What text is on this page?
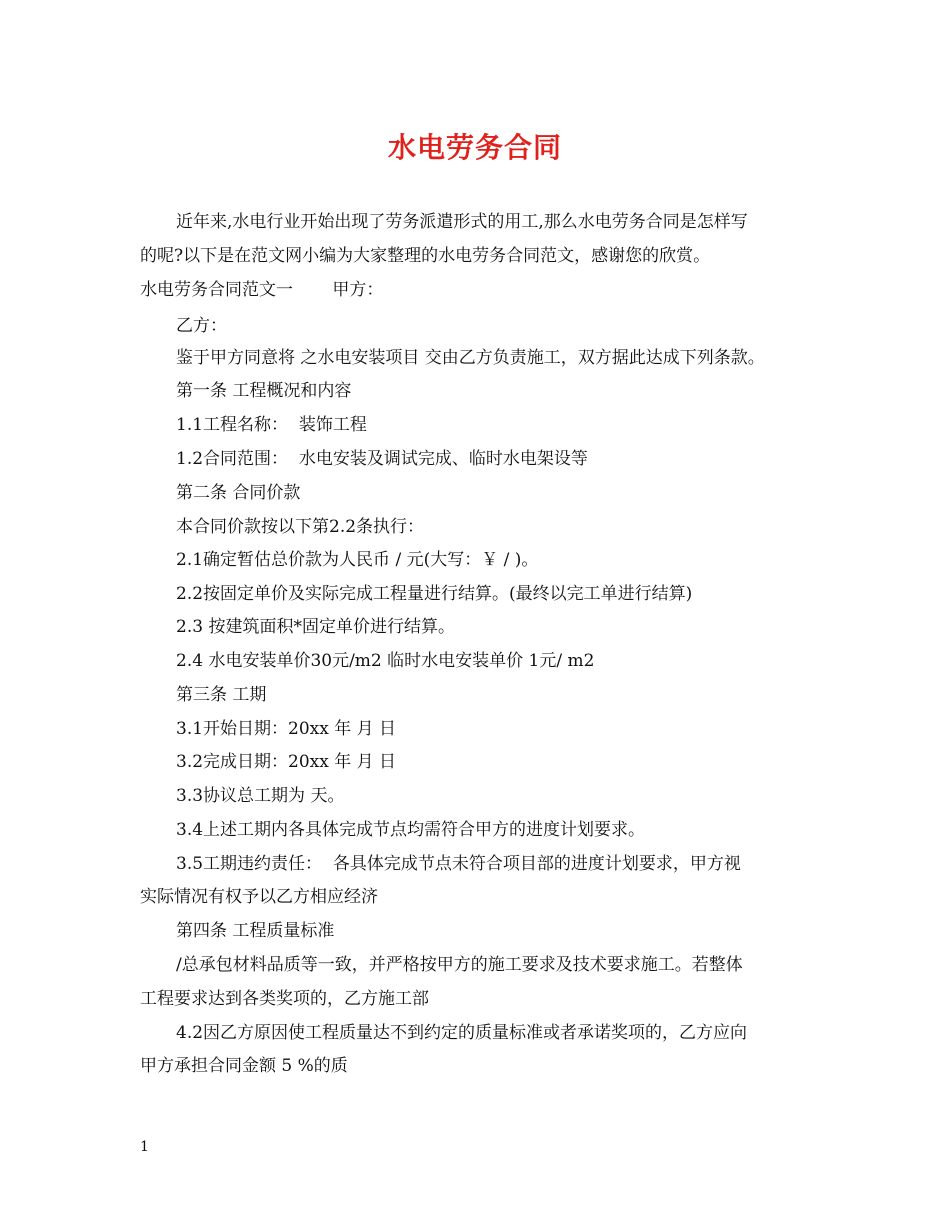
水电劳务合同
近年来,水电行业开始出现了劳务派遣形式的用工,那么水电劳务合同是怎样写
的呢?以下是在范文网小编为大家整理的水电劳务合同范文，感谢您的欣赏。
水电劳务合同范文一　　 甲方：
乙方：
鉴于甲方同意将 之水电安装项目 交由乙方负责施工，双方据此达成下列条款。
第一条 工程概况和内容
1.1工程名称：  装饰工程
1.2合同范围：  水电安装及调试完成、临时水电架设等
第二条 合同价款
本合同价款按以下第2.2条执行：
2.1确定暂估总价款为人民币 / 元(大写：￥ / )。
2.2按固定单价及实际完成工程量进行结算。(最终以完工单进行结算)
2.3 按建筑面积*固定单价进行结算。
2.4 水电安装单价30元/m2 临时水电安装单价 1元/ m2
第三条 工期
3.1开始日期：20xx 年 月 日
3.2完成日期：20xx 年 月 日
3.3协议总工期为 天。
3.4上述工期内各具体完成节点均需符合甲方的进度计划要求。
3.5工期违约责任：  各具体完成节点未符合项目部的进度计划要求，甲方视
实际情况有权予以乙方相应经济
第四条 工程质量标准
/总承包材料品质等一致，并严格按甲方的施工要求及技术要求施工。若整体
工程要求达到各类奖项的，乙方施工部
4.2因乙方原因使工程质量达不到约定的质量标准或者承诺奖项的，乙方应向
甲方承担合同金额 5 %的质
1
